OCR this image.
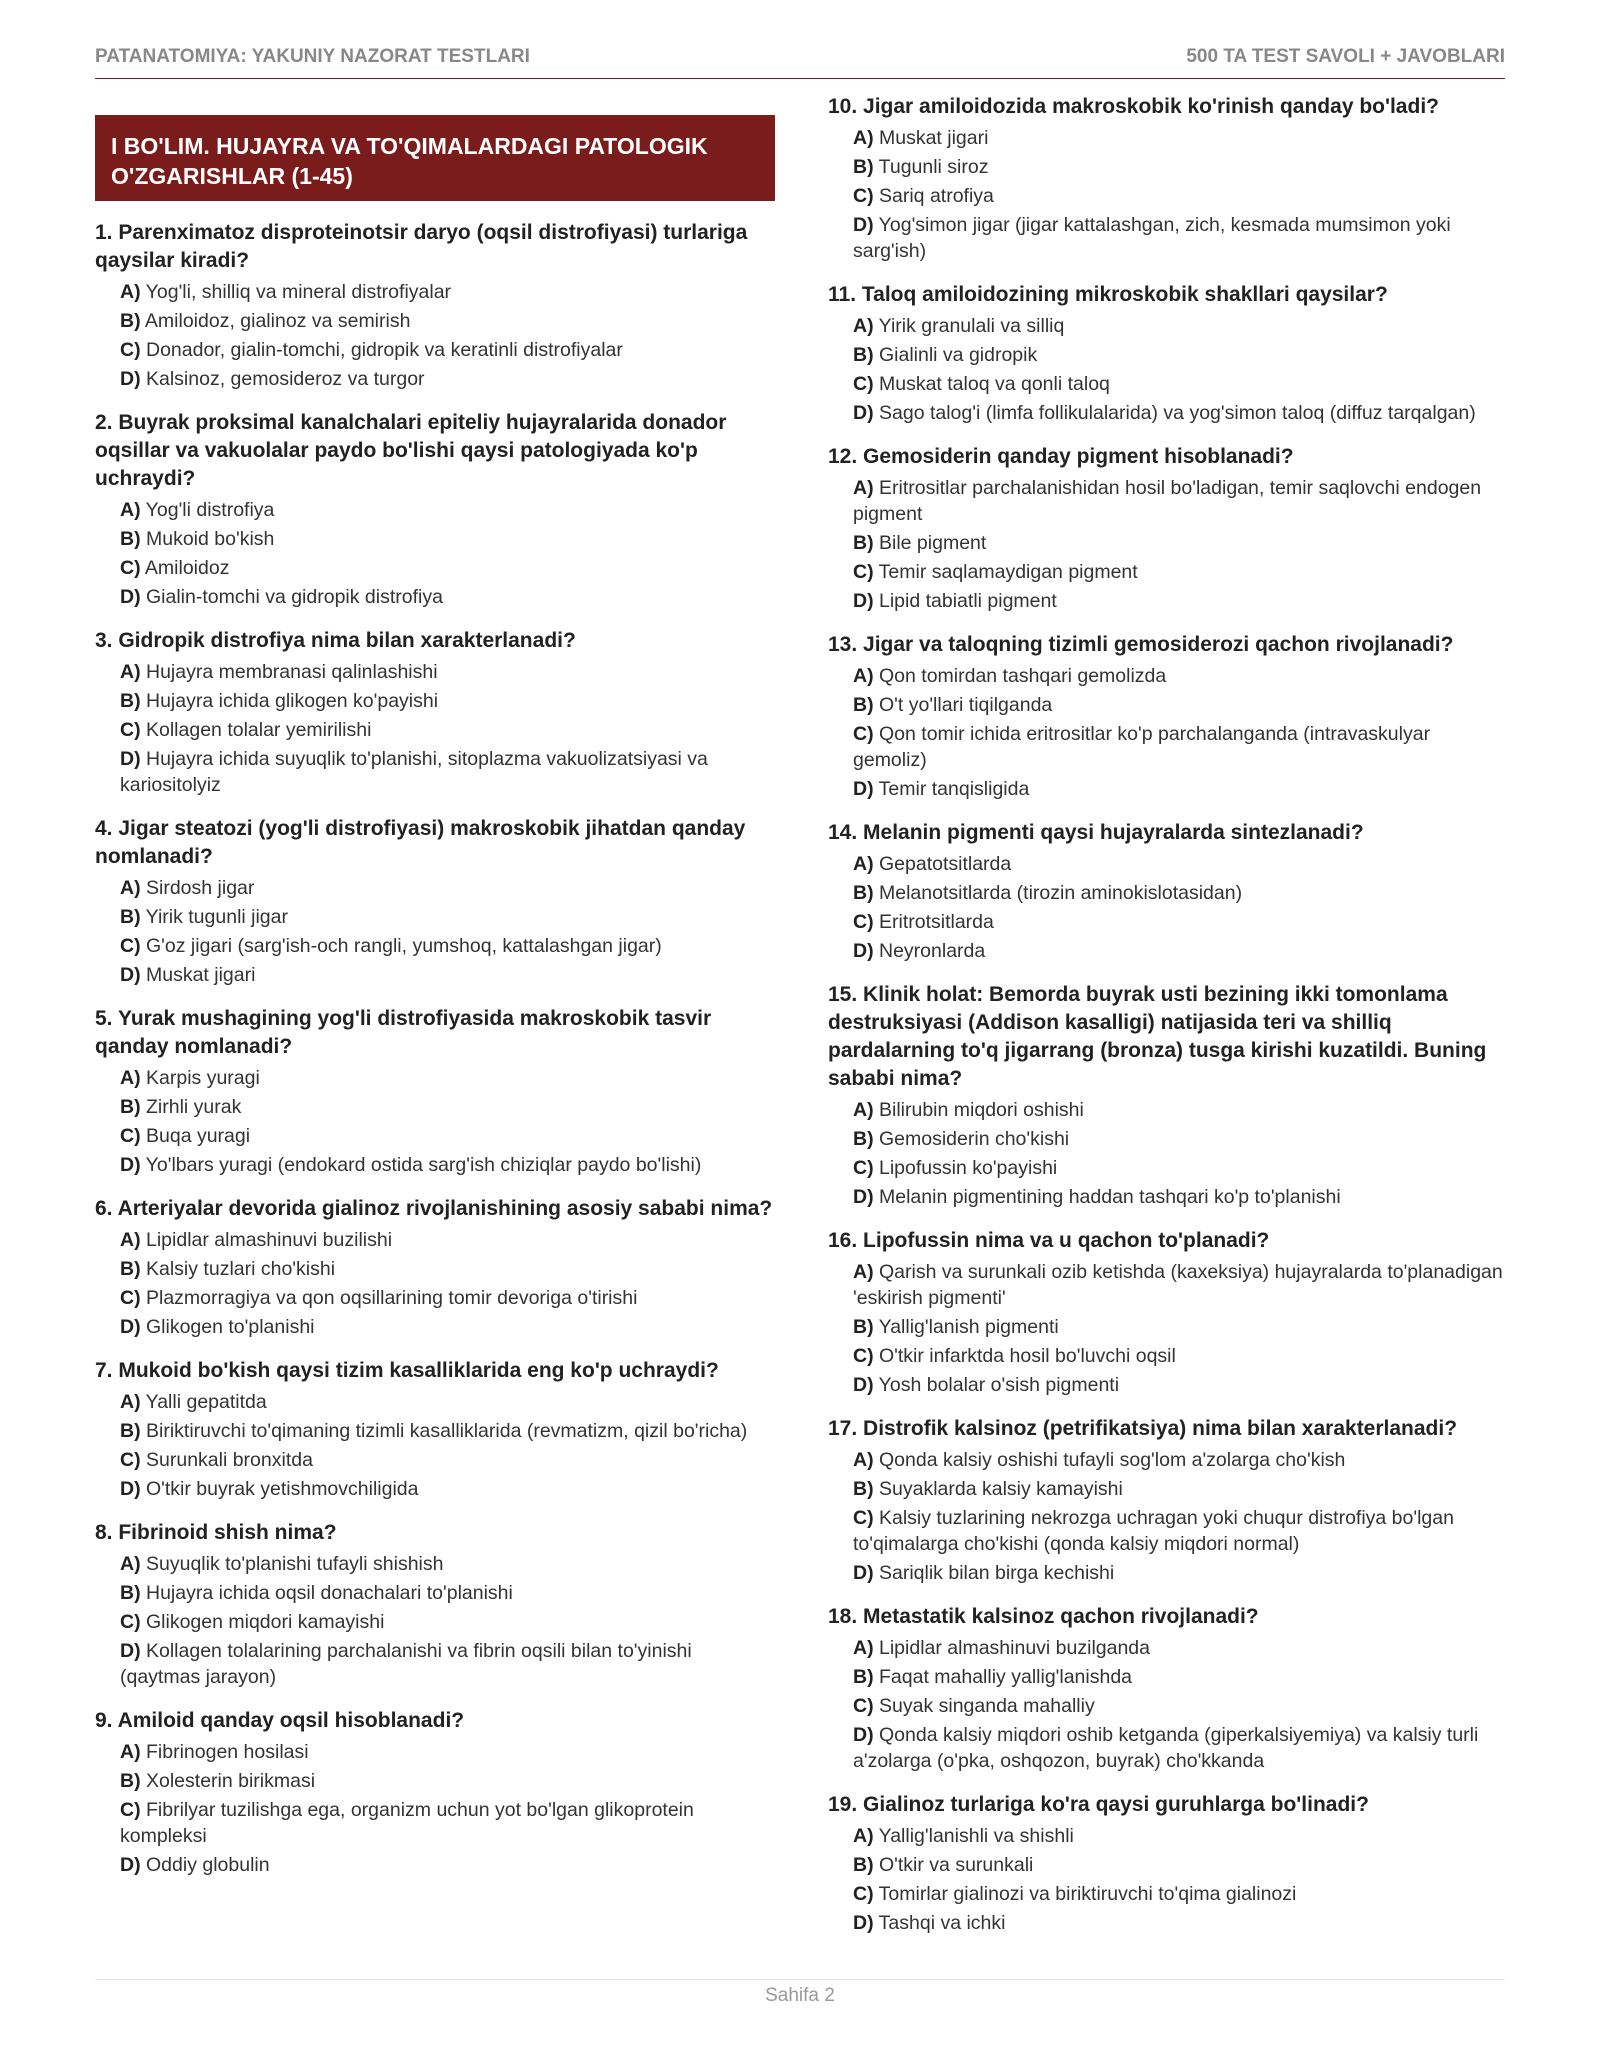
PATANATOMIYA: YAKUNIY NAZORAT TESTLARI	500 TA TEST SAVOLI + JAVOBLARI
I BO'LIM. HUJAYRA VA TO'QIMALARDAGI PATOLOGIK O'ZGARISHLAR (1-45)
1. Parenximatoz disproteinotsir daryo (oqsil distrofiyasi) turlariga qaysilar kiradi?
A) Yog'li, shilliq va mineral distrofiyalar
B) Amiloidoz, gialinoz va semirish
C) Donador, gialin-tomchi, gidropik va keratinli distrofiyalar
D) Kalsinoz, gemosideroz va turgor
2. Buyrak proksimal kanalchalari epiteliy hujayralarida donador oqsillar va vakuolalar paydo bo'lishi qaysi patologiyada ko'p uchraydi?
A) Yog'li distrofiya
B) Mukoid bo'kish
C) Amiloidoz
D) Gialin-tomchi va gidropik distrofiya
3. Gidropik distrofiya nima bilan xarakterlanadi?
A) Hujayra membranasi qalinlashishi
B) Hujayra ichida glikogen ko'payishi
C) Kollagen tolalar yemirilishi
D) Hujayra ichida suyuqlik to'planishi, sitoplazma vakuolizatsiyasi va kariositolyiz
4. Jigar steatozi (yog'li distrofiyasi) makroskobik jihatdan qanday nomlanadi?
A) Sirdosh jigar
B) Yirik tugunli jigar
C) G'oz jigari (sarg'ish-och rangli, yumshoq, kattalashgan jigar)
D) Muskat jigari
5. Yurak mushagining yog'li distrofiyasida makroskobik tasvir qanday nomlanadi?
A) Karpis yuragi
B) Zirhli yurak
C) Buqa yuragi
D) Yo'lbars yuragi (endokard ostida sarg'ish chiziqlar paydo bo'lishi)
6. Arteriyalar devorida gialinoz rivojlanishining asosiy sababi nima?
A) Lipidlar almashinuvi buzilishi
B) Kalsiy tuzlari cho'kishi
C) Plazmorragiya va qon oqsillarining tomir devoriga o'tirishi
D) Glikogen to'planishi
7. Mukoid bo'kish qaysi tizim kasalliklarida eng ko'p uchraydi?
A) Yalli gepatitda
B) Biriktiruvchi to'qimaning tizimli kasalliklarida (revmatizm, qizil bo'richa)
C) Surunkali bronxitda
D) O'tkir buyrak yetishmovchiligida
8. Fibrinoid shish nima?
A) Suyuqlik to'planishi tufayli shishish
B) Hujayra ichida oqsil donachalari to'planishi
C) Glikogen miqdori kamayishi
D) Kollagen tolalarining parchalanishi va fibrin oqsili bilan to'yinishi (qaytmas jarayon)
9. Amiloid qanday oqsil hisoblanadi?
A) Fibrinogen hosilasi
B) Xolesterin birikmasi
C) Fibrilyar tuzilishga ega, organizm uchun yot bo'lgan glikoprotein kompleksi
D) Oddiy globulin
10. Jigar amiloidozida makroskobik ko'rinish qanday bo'ladi?
A) Muskat jigari
B) Tugunli siroz
C) Sariq atrofiya
D) Yog'simon jigar (jigar kattalashgan, zich, kesmada mumsimon yoki sarg'ish)
11. Taloq amiloidozining mikroskobik shakllari qaysilar?
A) Yirik granulali va silliq
B) Gialinli va gidropik
C) Muskat taloq va qonli taloq
D) Sago talog'i (limfa follikulalarida) va yog'simon taloq (diffuz tarqalgan)
12. Gemosiderin qanday pigment hisoblanadi?
A) Eritrositlar parchalanishidan hosil bo'ladigan, temir saqlovchi endogen pigment
B) Bile pigment
C) Temir saqlamaydigan pigment
D) Lipid tabiatli pigment
13. Jigar va taloqning tizimli gemosiderozi qachon rivojlanadi?
A) Qon tomirdan tashqari gemolizda
B) O't yo'llari tiqilganda
C) Qon tomir ichida eritrositlar ko'p parchalanganda (intravaskulyar gemoliz)
D) Temir tanqisligida
14. Melanin pigmenti qaysi hujayralarda sintezlanadi?
A) Gepatotsitlarda
B) Melanotsitlarda (tirozin aminokislotasidan)
C) Eritrotsitlarda
D) Neyronlarda
15. Klinik holat: Bemorda buyrak usti bezining ikki tomonlama destruksiyasi (Addison kasalligi) natijasida teri va shilliq pardalarning to'q jigarrang (bronza) tusga kirishi kuzatildi. Buning sababi nima?
A) Bilirubin miqdori oshishi
B) Gemosiderin cho'kishi
C) Lipofussin ko'payishi
D) Melanin pigmentining haddan tashqari ko'p to'planishi
16. Lipofussin nima va u qachon to'planadi?
A) Qarish va surunkali ozib ketishda (kaxeksiya) hujayralarda to'planadigan 'eskirish pigmenti'
B) Yallig'lanish pigmenti
C) O'tkir infarktda hosil bo'luvchi oqsil
D) Yosh bolalar o'sish pigmenti
17. Distrofik kalsinoz (petrifikatsiya) nima bilan xarakterlanadi?
A) Qonda kalsiy oshishi tufayli sog'lom a'zolarga cho'kish
B) Suyaklarda kalsiy kamayishi
C) Kalsiy tuzlarining nekrozga uchragan yoki chuqur distrofiya bo'lgan to'qimalarga cho'kishi (qonda kalsiy miqdori normal)
D) Sariqlik bilan birga kechishi
18. Metastatik kalsinoz qachon rivojlanadi?
A) Lipidlar almashinuvi buzilganda
B) Faqat mahalliy yallig'lanishda
C) Suyak singanda mahalliy
D) Qonda kalsiy miqdori oshib ketganda (giperkalsiyemiya) va kalsiy turli a'zolarga (o'pka, oshqozon, buyrak) cho'kkanda
19. Gialinoz turlariga ko'ra qaysi guruhlarga bo'linadi?
A) Yallig'lanishli va shishli
B) O'tkir va surunkali
C) Tomirlar gialinozi va biriktiruvchi to'qima gialinozi
D) Tashqi va ichki
Sahifa 2
